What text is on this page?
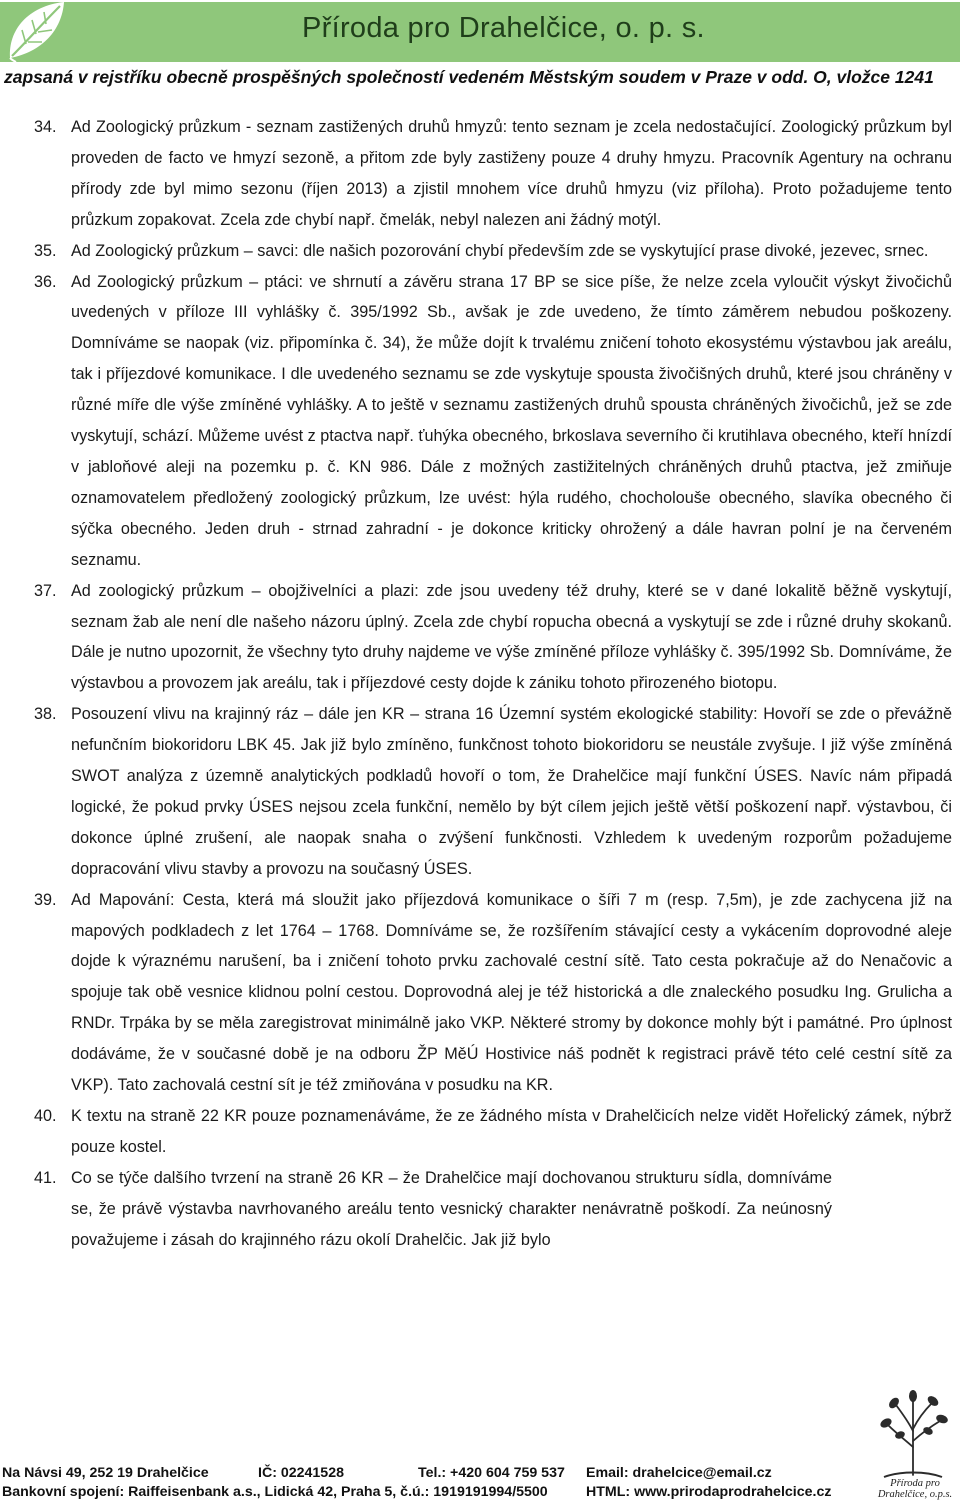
Příroda pro Drahelčice, o. p. s.
zapsaná v rejstříku obecně prospěšných společností vedeném Městským soudem v Praze v odd. O, vložce 1241
34. Ad Zoologický průzkum - seznam zastižených druhů hmyzů: tento seznam je zcela nedostačující. Zoologický průzkum byl proveden de facto ve hmyzí sezoně, a přitom zde byly zastiženy pouze 4 druhy hmyzu. Pracovník Agentury na ochranu přírody zde byl mimo sezonu (říjen 2013) a zjistil mnohem více druhů hmyzu (viz příloha). Proto požadujeme tento průzkum zopakovat. Zcela zde chybí např. čmelák, nebyl nalezen ani žádný motýl.
35. Ad Zoologický průzkum – savci: dle našich pozorování chybí především zde se vyskytující prase divoké, jezevec, srnec.
36. Ad Zoologický průzkum – ptáci: ve shrnutí a závěru strana 17 BP se sice píše, že nelze zcela vyloučit výskyt živočichů uvedených v příloze III vyhlášky č. 395/1992 Sb., avšak je zde uvedeno, že tímto záměrem nebudou poškozeny. Domníváme se naopak (viz. připomínka č. 34), že může dojít k trvalému zničení tohoto ekosystému výstavbou jak areálu, tak i příjezdové komunikace. I dle uvedeného seznamu se zde vyskytuje spousta živočišných druhů, které jsou chráněny v různé míře dle výše zmíněné vyhlášky. A to ještě v seznamu zastižených druhů spousta chráněných živočichů, jež se zde vyskytují, schází. Můžeme uvést z ptactva např. ťuhýka obecného, brkoslava severního či krutihlava obecného, kteří hnízdí v jabloňové aleji na pozemku p. č. KN 986. Dále z možných zastižitelných chráněných druhů ptactva, jež zmiňuje oznamovatelem předložený zoologický průzkum, lze uvést: hýla rudého, chocholouše obecného, slavíka obecného či sýčka obecného. Jeden druh - strnad zahradní - je dokonce kriticky ohrožený a dále havran polní je na červeném seznamu.
37. Ad zoologický průzkum – obojživelníci a plazi: zde jsou uvedeny též druhy, které se v dané lokalitě běžně vyskytují, seznam žab ale není dle našeho názoru úplný. Zcela zde chybí ropucha obecná a vyskytují se zde i různé druhy skokanů. Dále je nutno upozornit, že všechny tyto druhy najdeme ve výše zmíněné příloze vyhlášky č. 395/1992 Sb. Domníváme, že výstavbou a provozem jak areálu, tak i příjezdové cesty dojde k zániku tohoto přirozeného biotopu.
38. Posouzení vlivu na krajinný ráz – dále jen KR – strana 16 Územní systém ekologické stability: Hovoří se zde o převážně nefunčním biokoridoru LBK 45. Jak již bylo zmíněno, funkčnost tohoto biokoridoru se neustále zvyšuje. I již výše zmíněná SWOT analýza z územně analytických podkladů hovoří o tom, že Drahelčice mají funkční ÚSES. Navíc nám připadá logické, že pokud prvky ÚSES nejsou zcela funkční, nemělo by být cílem jejich ještě větší poškození např. výstavbou, či dokonce úplné zrušení, ale naopak snaha o zvýšení funkčnosti. Vzhledem k uvedeným rozporům požadujeme dopracování vlivu stavby a provozu na současný ÚSES.
39. Ad Mapování: Cesta, která má sloužit jako příjezdová komunikace o šíři 7 m (resp. 7,5m), je zde zachycena již na mapových podkladech z let 1764 – 1768. Domníváme se, že rozšířením stávající cesty a vykácením doprovodné aleje dojde k výraznému narušení, ba i zničení tohoto prvku zachovalé cestní sítě. Tato cesta pokračuje až do Nenačovic a spojuje tak obě vesnice klidnou polní cestou. Doprovodná alej je též historická a dle znaleckého posudku Ing. Grulicha a RNDr. Trpáka by se měla zaregistrovat minimálně jako VKP. Některé stromy by dokonce mohly být i památné. Pro úplnost dodáváme, že v současné době je na odboru ŽP MěÚ Hostivice náš podnět k registraci právě této celé cestní sítě za VKP). Tato zachovalá cestní sít je též zmiňována v posudku na KR.
40. K textu na straně 22 KR pouze poznamenáváme, že ze žádného místa v Drahelčicích nelze vidět Hořelický zámek, nýbrž pouze kostel.
41. Co se týče dalšího tvrzení na straně 26 KR – že Drahelčice mají dochovanou strukturu sídla, domníváme se, že právě výstavba navrhovaného areálu tento vesnický charakter nenávratně poškodí. Za neúnosný považujeme i zásah do krajinného rázu okolí Drahelčic. Jak již bylo
Příroda pro Drahelčice, o.p.s.
Na Návsi 49, 252 19 Drahelčice	IČ: 02241528	Tel.: +420 604 759 537 Email: drahelcice@email.cz
Bankovní spojení: Raiffeisenbank a.s., Lidická 42, Praha 5, č.ú.: 1919191994/5500	HTML: www.prirodaprodrahelcice.cz
